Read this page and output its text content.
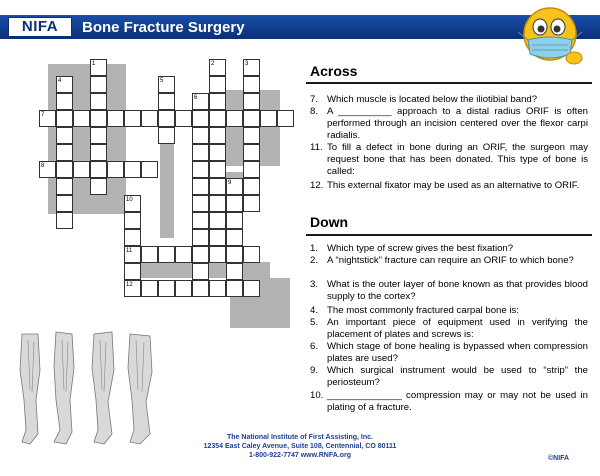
NIFA	Bone Fracture Surgery
1	2	3
4	5
6
9
10
11
12
7
8
Across
7. Which muscle is located below the iliotibial band?
8. A __________ approach to a distal radius ORIF is often performed through an incision centered over the flexor carpi radialis.
11. To fill a defect in bone during an ORIF, the surgeon may request bone that has been donated. This type of bone is called:
12. This external fixator may be used as an alternative to ORIF.
Down
1. Which type of screw gives the best fixation?
2. A “nightstick” fracture can require an ORIF to which bone?
3. What is the outer layer of bone known as that provides blood supply to the cortex?
4. The most commonly fractured carpal bone is:
5. An important piece of equipment used in verifying the placement of plates and screws is:
6. Which stage of bone healing is bypassed when compression plates are used?
9. Which surgical instrument would be used to “strip” the periosteum?
10. ______________ compression may or may not be used in plating of a fracture.
The National Institute of First Assisting, Inc.
12354 East Caley Avenue, Suite 108, Centennial, CO 80111
1-800-922-7747 www.RNFA.org	©NIFA
